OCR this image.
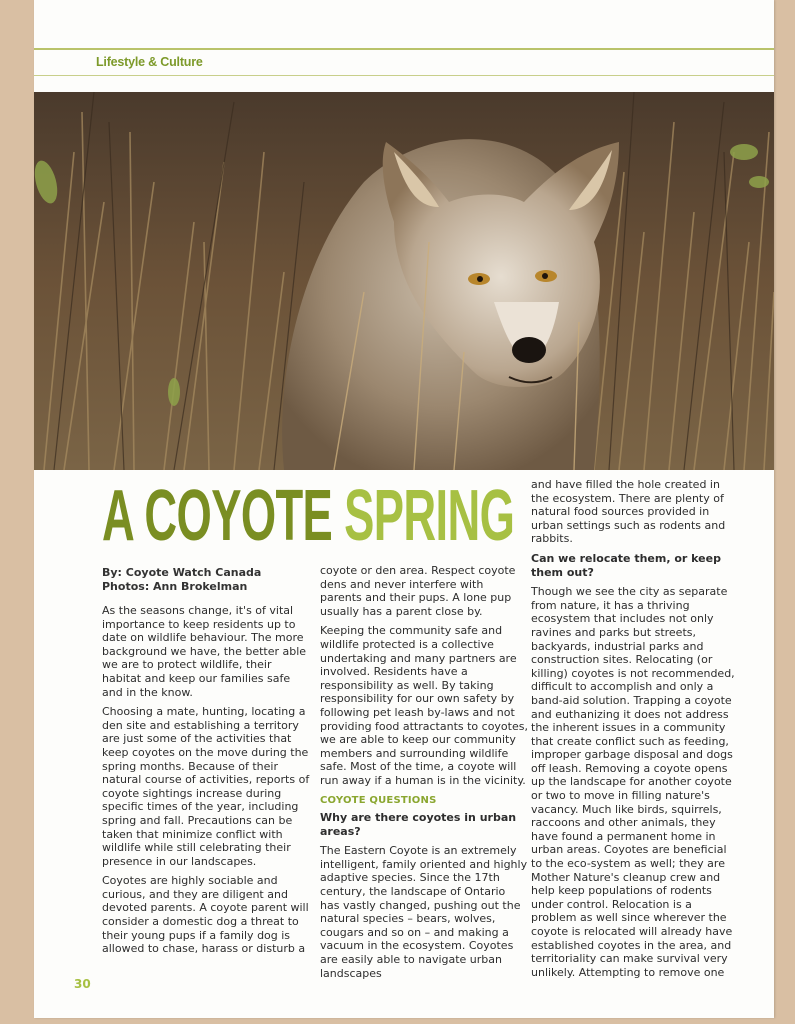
Lifestyle & Culture
A COYOTE SPRING
By: Coyote Watch Canada
Photos: Ann Brokelman

As the seasons change, it's of vital importance to keep residents up to date on wildlife behaviour. The more background we have, the better able we are to protect wildlife, their habitat and keep our families safe and in the know.

Choosing a mate, hunting, locating a den site and establishing a territory are just some of the activities that keep coyotes on the move during the spring months. Because of their natural course of activities, reports of coyote sightings increase during specific times of the year, including spring and fall. Precautions can be taken that minimize conflict with wildlife while still celebrating their presence in our landscapes.

Coyotes are highly sociable and curious, and they are diligent and devoted parents. A coyote parent will consider a domestic dog a threat to their young pups if a family dog is allowed to chase, harass or disturb a

coyote or den area. Respect coyote dens and never interfere with parents and their pups. A lone pup usually has a parent close by.

Keeping the community safe and wildlife protected is a collective undertaking and many partners are involved. Residents have a responsibility as well. By taking responsibility for our own safety by following pet leash by-laws and not providing food attractants to coyotes, we are able to keep our community members and surrounding wildlife safe. Most of the time, a coyote will run away if a human is in the vicinity.

COYOTE QUESTIONS
Why are there coyotes in urban areas?

The Eastern Coyote is an extremely intelligent, family oriented and highly adaptive species. Since the 17th century, the landscape of Ontario has vastly changed, pushing out the natural species – bears, wolves, cougars and so on – and making a vacuum in the ecosystem. Coyotes are easily able to navigate urban landscapes

and have filled the hole created in the ecosystem. There are plenty of natural food sources provided in urban settings such as rodents and rabbits.

Can we relocate them, or keep them out?

Though we see the city as separate from nature, it has a thriving ecosystem that includes not only ravines and parks but streets, backyards, industrial parks and construction sites. Relocating (or killing) coyotes is not recommended, difficult to accomplish and only a band-aid solution. Trapping a coyote and euthanizing it does not address the inherent issues in a community that create conflict such as feeding, improper garbage disposal and dogs off leash. Removing a coyote opens up the landscape for another coyote or two to move in filling nature's vacancy. Much like birds, squirrels, raccoons and other animals, they have found a permanent home in urban areas. Coyotes are beneficial to the eco-system as well; they are Mother Nature's cleanup crew and help keep populations of rodents under control. Relocation is a problem as well since wherever the coyote is relocated will already have established coyotes in the area, and territoriality can make survival very unlikely. Attempting to remove one

30
